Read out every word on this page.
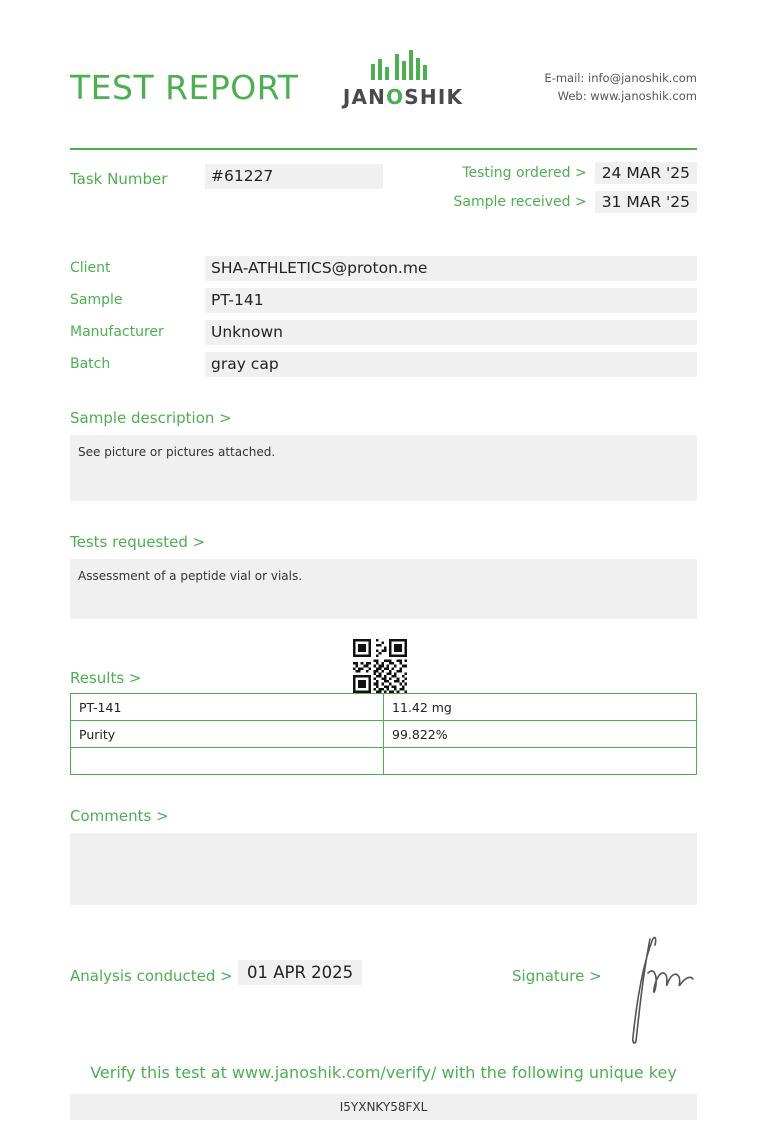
TEST REPORT	JANOSHIK
E-mail: info@janoshik.com
Web: www.janoshik.com
Task Number	#61227	Testing ordered > 24 MAR '25
Sample received > 31 MAR '25
Client	SHA-ATHLETICS@proton.me
Sample	PT-141
Manufacturer	Unknown
Batch	gray cap
Sample description >
See picture or pictures attached.
Tests requested >
Assessment of a peptide vial or vials.
Results >
PT-141	11.42 mg
Purity	99.822%

Comments >
Analysis conducted > 01 APR 2025	Signature >
Verify this test at www.janoshik.com/verify/ with the following unique key
I5YXNKY58FXL
